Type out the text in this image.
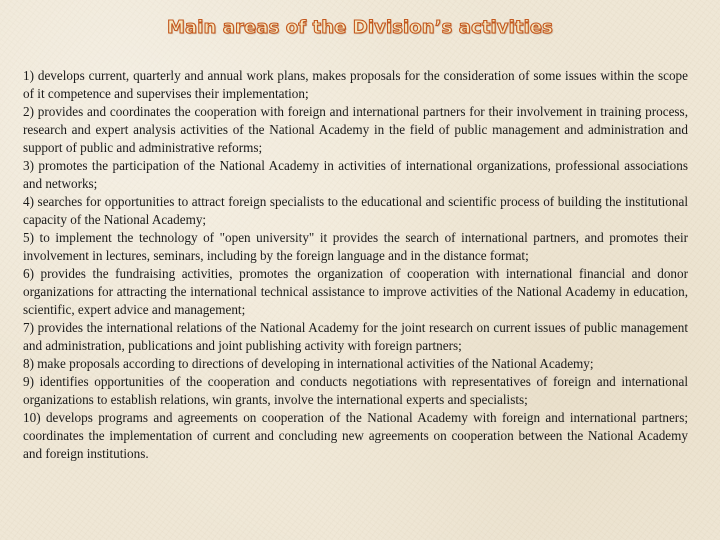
Main areas of the Division’s activities

1) develops current, quarterly and annual work plans, makes proposals for the consideration of some issues within the scope of it competence and supervises their implementation;

2) provides and coordinates the cooperation with foreign and international partners for their involvement in training process, research and expert analysis activities of the National Academy in the field of public management and administration and support of public and administrative reforms;

3) promotes the participation of the National Academy in activities of international organizations, professional associations and networks;

4) searches for opportunities to attract foreign specialists to the educational and scientific process of building the institutional capacity of the National Academy;

5) to implement the technology of "open university" it provides the search of international partners, and promotes their involvement in lectures, seminars, including by the foreign language and in the distance format;

6) provides the fundraising activities, promotes the organization of cooperation with international financial and donor organizations for attracting the international technical assistance to improve activities of the National Academy in education, scientific, expert advice and management;

7) provides the international relations of the National Academy for the joint research on current issues of public management and administration, publications and joint publishing activity with foreign partners;

8) make proposals according to directions of developing in international activities of the National Academy;

9) identifies opportunities of the cooperation and conducts negotiations with representatives of foreign and international organizations to establish relations, win grants, involve the international experts and specialists;

10) develops programs and agreements on cooperation of the National Academy with foreign and international partners; coordinates the implementation of current and concluding new agreements on cooperation between the National Academy and foreign institutions.
